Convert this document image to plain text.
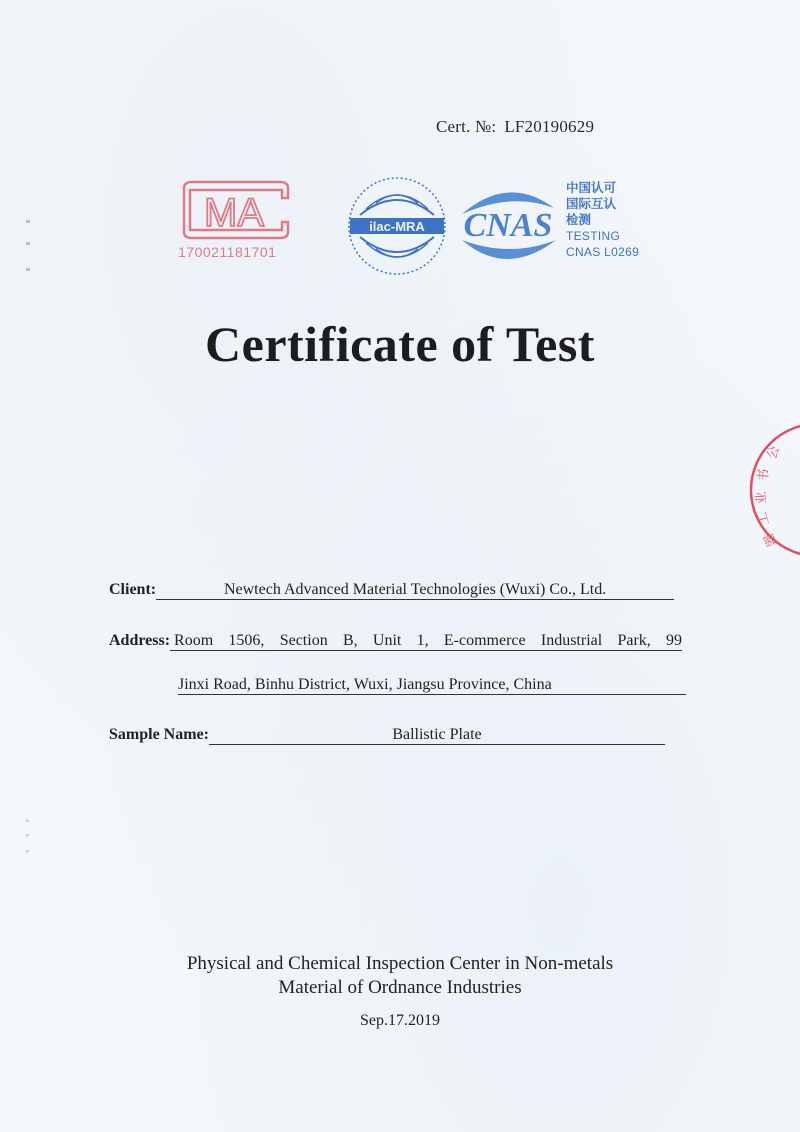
Cert. №: LF20190629
MA
170021181701
ilac-MRA CNAS
中国认可
国际互认
检测
TESTING
CNAS L0269
Certificate of Test
公
书
业
工
器
Client:	Newtech Advanced Material Technologies (Wuxi) Co., Ltd.
Address: Room 1506, Section B, Unit 1, E-commerce Industrial Park, 99
Jinxi Road, Binhu District, Wuxi, Jiangsu Province, China
Sample Name:	Ballistic Plate
Physical and Chemical Inspection Center in Non-metals
Material of Ordnance Industries
Sep.17.2019
